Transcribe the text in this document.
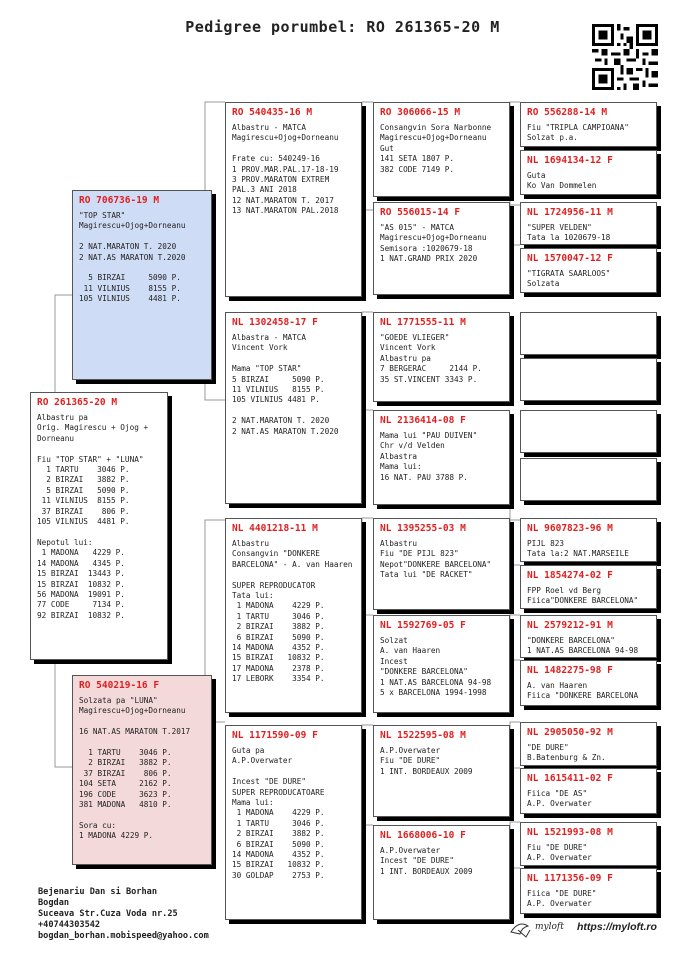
Pedigree porumbel: RO 261365-20 M
RO 261365-20 M
Albastru pa
Orig. Magirescu + Ojog +
Dorneanu

Fiu "TOP STAR" + "LUNA"
1 TARTU    3046 P.
2 BIRZAI   3882 P.
5 BIRZAI   5090 P.
11 VILNIUS  8155 P.
37 BIRZAI    806 P.
105 VILNIUS  4481 P.

Nepotul lui:
1 MADONA   4229 P.
14 MADONA   4345 P.
15 BIRZAI  13443 P.
15 BIRZAI  10832 P.
56 MADONA  19091 P.
77 CODE     7134 P.
92 BIRZAI  10832 P.
RO 706736-19 M
"TOP STAR"
Magirescu+Ojog+Dorneanu

2 NAT.MARATON T. 2020
2 NAT.AS MARATON T.2020

5 BIRZAI     5090 P.
11 VILNIUS    8155 P.
105 VILNIUS    4481 P.
RO 540219-16 F
Solzata pa "LUNA"
Magirescu+Ojog+Dorneanu

16 NAT.AS MARATON T.2017

1 TARTU    3046 P.
2 BIRZAI   3882 P.
37 BIRZAI    806 P.
104 SETA     2162 P.
196 CODE     3623 P.
381 MADONA   4810 P.

Sora cu:
1 MADONA 4229 P.
RO 540435-16 M
Albastru - MATCA
Magirescu+Ojog+Dorneanu

Frate cu: 540249-16
1 PROV.MAR.PAL.17-18-19
3 PROV.MARATON EXTREM
PAL.3 ANI 2018
12 NAT.MARATON T. 2017
13 NAT.MARATON PAL.2018
NL 1302458-17 F
Albastra - MATCA
Vincent Vork

Mama "TOP STAR"
5 BIRZAI     5090 P.
11 VILNIUS   8155 P.
105 VILNIUS 4481 P.

2 NAT.MARATON T. 2020
2 NAT.AS MARATON T.2020
NL 4401218-11 M
Albastru
Consangvin "DONKERE
BARCELONA" - A. van Haaren

SUPER REPRODUCATOR
Tata lui:
1 MADONA    4229 P.
1 TARTU     3046 P.
2 BIRZAI    3882 P.
6 BIRZAI    5090 P.
14 MADONA    4352 P.
15 BIRZAI   10832 P.
17 MADONA    2378 P.
17 LEBORK    3354 P.
NL 1171590-09 F
Guta pa
A.P.Overwater

Incest "DE DURE"
SUPER REPRODUCATOARE
Mama lui:
1 MADONA    4229 P.
1 TARTU     3046 P.
2 BIRZAI    3882 P.
6 BIRZAI    5090 P.
14 MADONA    4352 P.
15 BIRZAI   10832 P.
30 GOLDAP    2753 P.
RO 306066-15 M
Consangvin Sora Narbonne
Magirescu+Ojog+Dorneanu
Gut
141 SETA 1807 P.
382 CODE 7149 P.
RO 556015-14 F
"AS 015" - MATCA
Magirescu+Ojog+Dorneanu
Semisora :1020679-18
1 NAT.GRAND PRIX 2020
NL 1771555-11 M
"GOEDE VLIEGER"
Vincent Vork
Albastru pa
7 BERGERAC     2144 P.
35 ST.VINCENT 3343 P.
NL 2136414-08 F
Mama lui "PAU DUIVEN"
Chr v/d Velden
Albastra
Mama lui:
16 NAT. PAU 3788 P.
NL 1395255-03 M
Albastru
Fiu "DE PIJL 823"
Nepot"DONKERE BARCELONA"
Tata lui "DE RACKET"
NL 1592769-05 F
Solzat
A. van Haaren
Incest
"DONKERE BARCELONA"
1 NAT.AS BARCELONA 94-98
5 x BARCELONA 1994-1998
NL 1522595-08 M
A.P.Overwater
Fiu "DE DURE"
1 INT. BORDEAUX 2009
NL 1668006-10 F
A.P.Overwater
Incest "DE DURE"
1 INT. BORDEAUX 2009
RO 556288-14 M
Fiu "TRIPLA CAMPIOANA"
Solzat p.a.
NL 1694134-12 F
Guta
Ko Van Dommelen
NL 1724956-11 M
"SUPER VELDEN"
Tata la 1020679-18
NL 1570047-12 F
"TIGRATA SAARLOOS"
Solzata
NL 9607823-96 M
PIJL 823
Tata la:2 NAT.MARSEILE
NL 1854274-02 F
FPP Roel vd Berg
Fiica"DONKERE BARCELONA"
NL 2579212-91 M
"DONKERE BARCELONA"
1 NAT.AS BARCELONA 94-98
NL 1482275-98 F
A. van Haaren
Fiica "DONKERE BARCELONA
NL 2905050-92 M
"DE DURE"
B.Batenburg & Zn.
NL 1615411-02 F
Fiica "DE AS"
A.P. Overwater
NL 1521993-08 M
Fiu "DE DURE"
A.P. Overwater
NL 1171356-09 F
Fiica "DE DURE"
A.P. Overwater
Bejenariu Dan si Borhan
Bogdan
Suceava Str.Cuza Voda nr.25
+40744303542
bogdan_borhan.mobispeed@yahoo.com
myloft https://myloft.ro
